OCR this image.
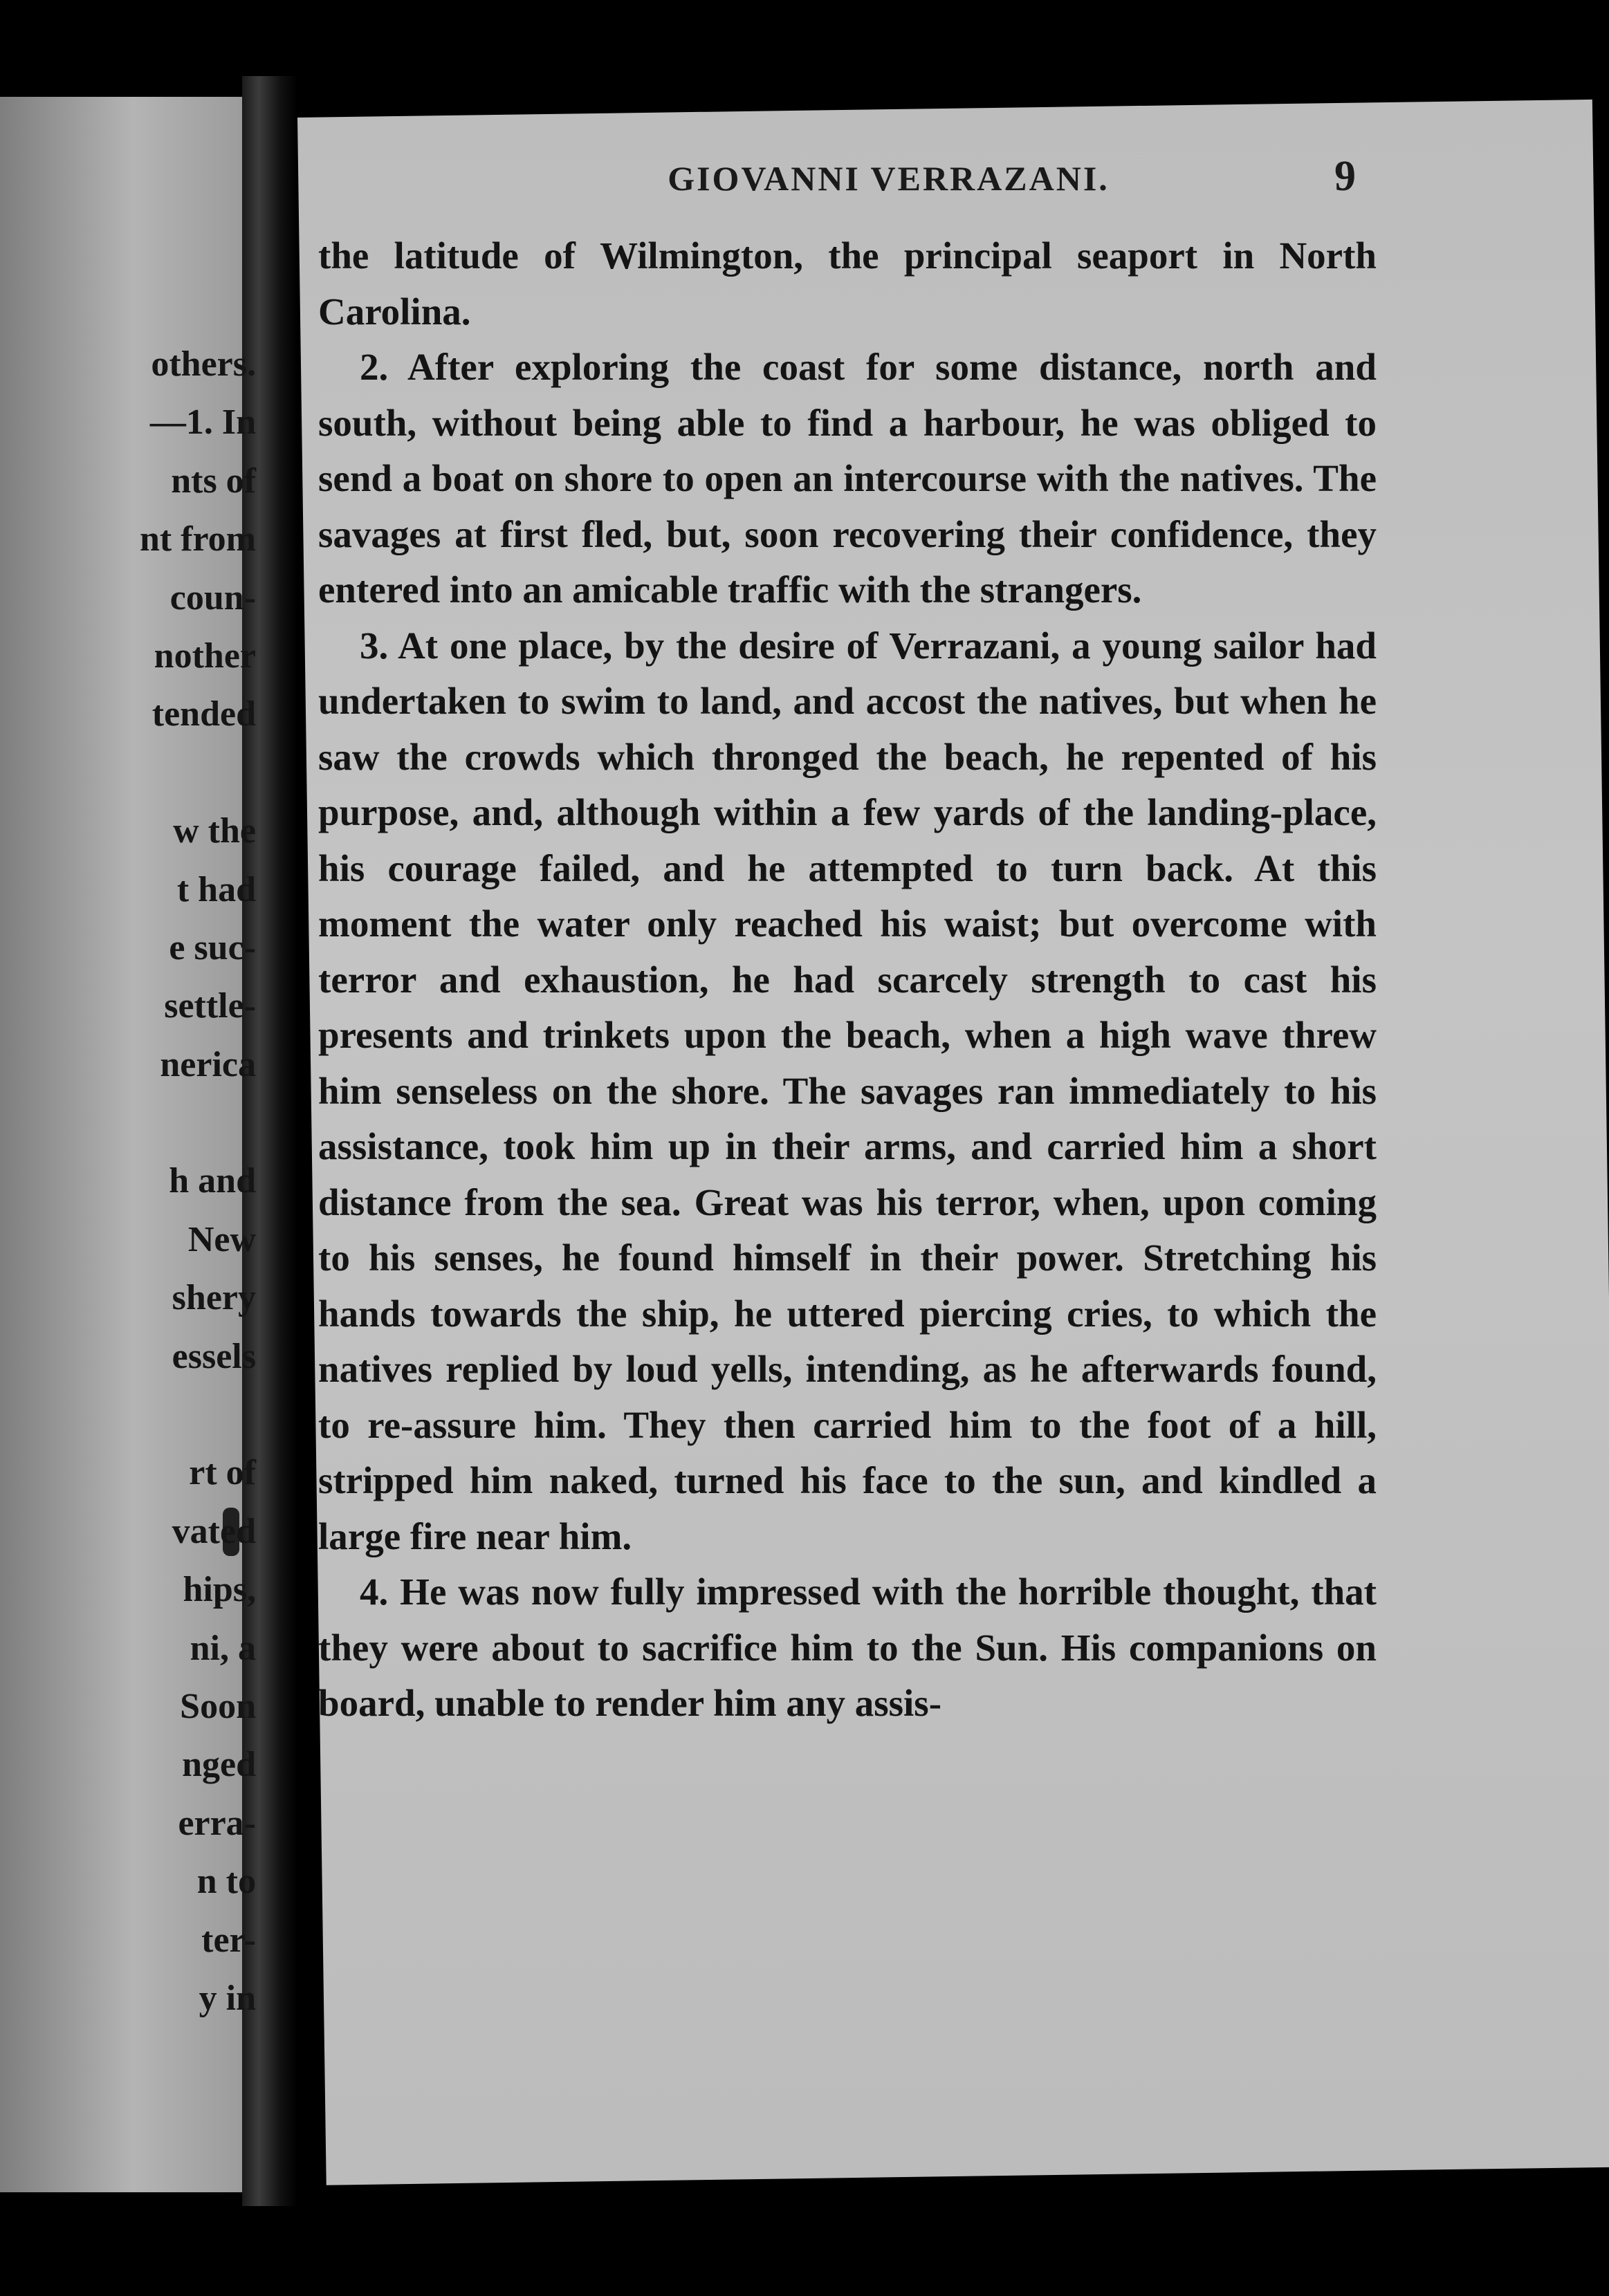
others.
—1. In
nts of
nt from
coun-
nother
tended
w the
t had
e suc-
settle-
nerica
h and
New
shery
essels
rt of
vated
hips,
ni, a
Soon
nged
erra-
n to
ter-
y in
GIOVANNI VERRAZANI.	9

the latitude of Wilmington, the principal seaport in North Carolina.

2. After exploring the coast for some distance, north and south, without being able to find a harbour, he was obliged to send a boat on shore to open an intercourse with the natives. The savages at first fled, but, soon recovering their confidence, they entered into an amicable traffic with the strangers.

3. At one place, by the desire of Verrazani, a young sailor had undertaken to swim to land, and accost the natives, but when he saw the crowds which thronged the beach, he repented of his purpose, and, although within a few yards of the landing-place, his courage failed, and he attempted to turn back. At this moment the water only reached his waist; but overcome with terror and exhaustion, he had scarcely strength to cast his presents and trinkets upon the beach, when a high wave threw him senseless on the shore. The savages ran immediately to his assistance, took him up in their arms, and carried him a short distance from the sea. Great was his terror, when, upon coming to his senses, he found himself in their power. Stretching his hands towards the ship, he uttered piercing cries, to which the natives replied by loud yells, intending, as he afterwards found, to re-assure him. They then carried him to the foot of a hill, stripped him naked, turned his face to the sun, and kindled a large fire near him.

4. He was now fully impressed with the horrible thought, that they were about to sacrifice him to the Sun. His companions on board, unable to render him any assis-
